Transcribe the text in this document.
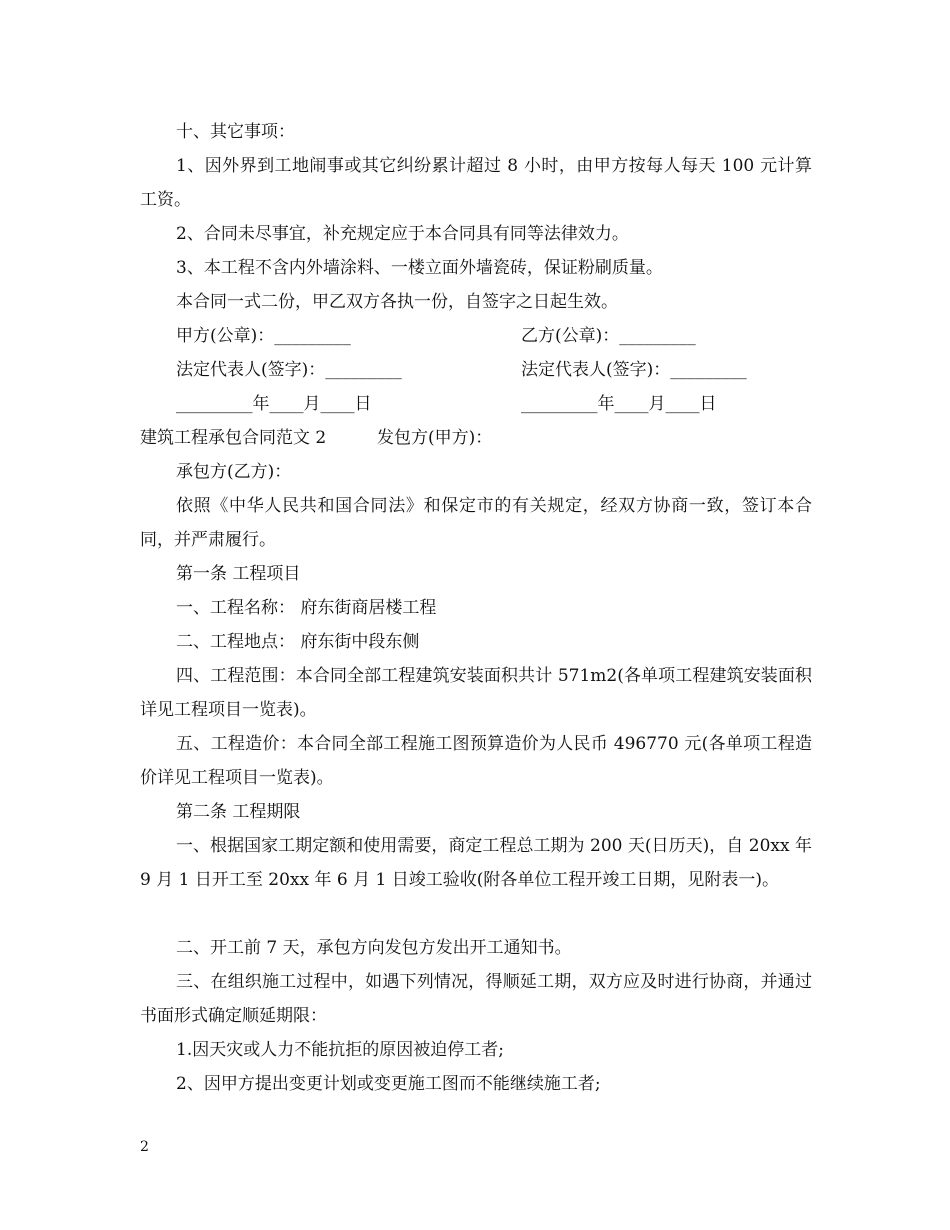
十、其它事项：

1、因外界到工地闹事或其它纠纷累计超过 8 小时，由甲方按每人每天 100 元计算工资。

2、合同未尽事宜，补充规定应于本合同具有同等法律效力。

3、本工程不含内外墙涂料、一楼立面外墙瓷砖，保证粉刷质量。

本合同一式二份，甲乙双方各执一份，自签字之日起生效。

甲方(公章)：_________	乙方(公章)：_________
法定代表人(签字)：_________	法定代表人(签字)：_________
_________年____月____日	_________年____月____日
建筑工程承包合同范文 2	发包方(甲方)：

承包方(乙方)：

依照《中华人民共和国合同法》和保定市的有关规定，经双方协商一致，签订本合同，并严肃履行。

第一条 工程项目

一、工程名称： 府东街商居楼工程

二、工程地点： 府东街中段东侧

四、工程范围：本合同全部工程建筑安装面积共计 571m2(各单项工程建筑安装面积详见工程项目一览表)。

五、工程造价：本合同全部工程施工图预算造价为人民币 496770 元(各单项工程造价详见工程项目一览表)。

第二条 工程期限

一、根据国家工期定额和使用需要，商定工程总工期为 200 天(日历天)，自 20xx 年 9 月 1 日开工至 20xx 年 6 月 1 日竣工验收(附各单位工程开竣工日期，见附表一)。

二、开工前 7 天，承包方向发包方发出开工通知书。

三、在组织施工过程中，如遇下列情况，得顺延工期，双方应及时进行协商，并通过书面形式确定顺延期限：

1.因天灾或人力不能抗拒的原因被迫停工者;

2、因甲方提出变更计划或变更施工图而不能继续施工者;

2
